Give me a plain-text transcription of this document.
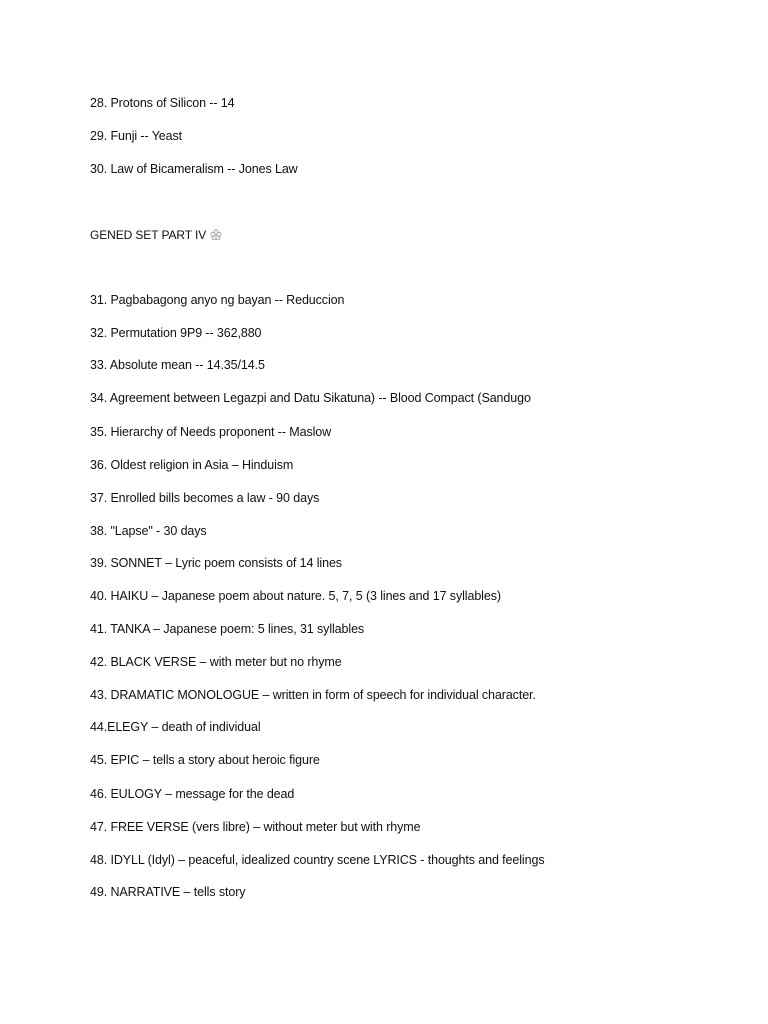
28. Protons of Silicon -- 14
29. Funji -- Yeast
30. Law of Bicameralism -- Jones Law
GENED SET PART IV
31. Pagbabagong anyo ng bayan -- Reduccion
32. Permutation 9P9 -- 362,880
33. Absolute mean -- 14.35/14.5
34. Agreement between Legazpi and Datu Sikatuna) -- Blood Compact (Sandugo
35. Hierarchy of Needs proponent -- Maslow
36. Oldest religion in Asia – Hinduism
37. Enrolled bills becomes a law - 90 days
38. "Lapse" - 30 days
39. SONNET – Lyric poem consists of 14 lines
40. HAIKU – Japanese poem about nature. 5, 7, 5 (3 lines and 17 syllables)
41. TANKA – Japanese poem: 5 lines, 31 syllables
42. BLACK VERSE – with meter but no rhyme
43. DRAMATIC MONOLOGUE – written in form of speech for individual character.
44.ELEGY – death of individual
45. EPIC – tells a story about heroic figure
46. EULOGY – message for the dead
47. FREE VERSE (vers libre) – without meter but with rhyme
48. IDYLL (Idyl) – peaceful, idealized country scene LYRICS - thoughts and feelings
49. NARRATIVE – tells story
